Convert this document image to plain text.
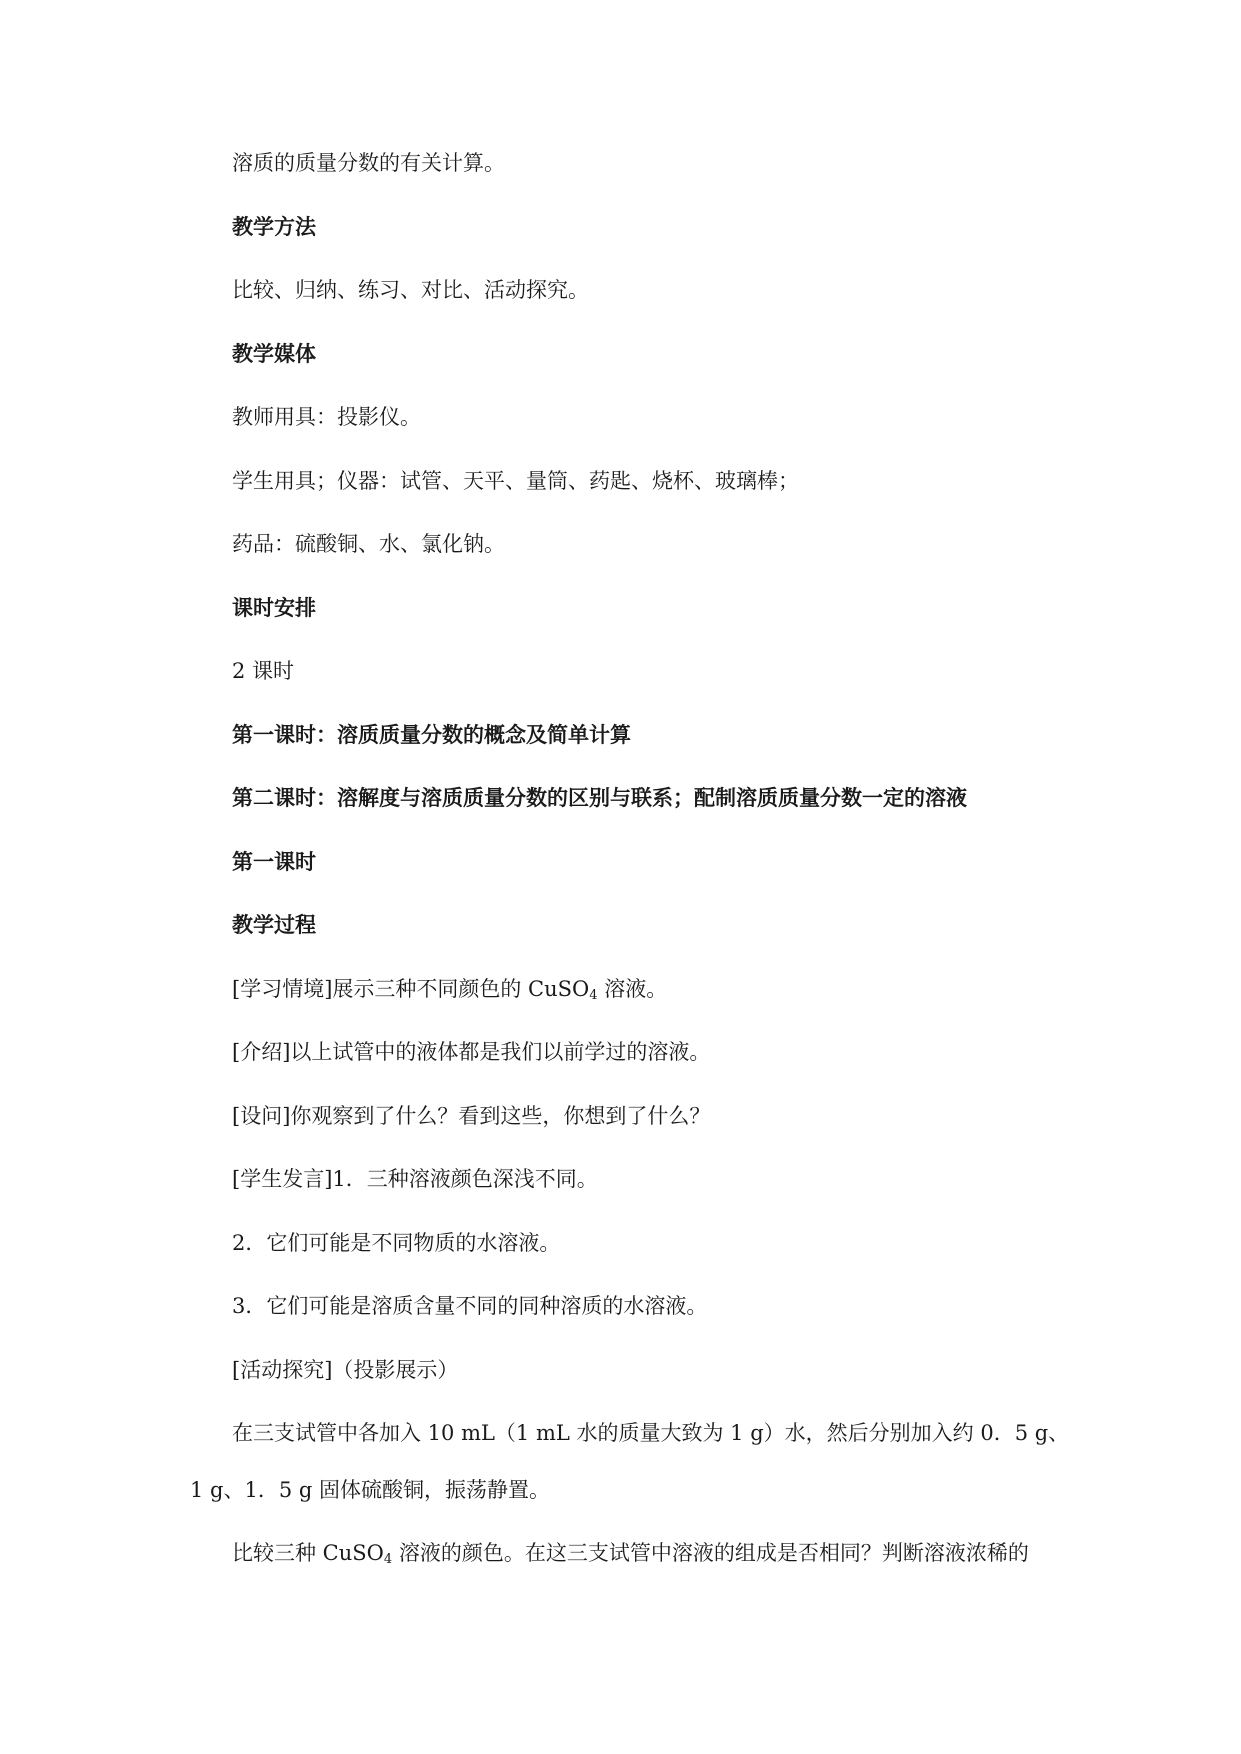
溶质的质量分数的有关计算。
教学方法
比较、归纳、练习、对比、活动探究。
教学媒体
教师用具：投影仪。
学生用具；仪器：试管、天平、量筒、药匙、烧杯、玻璃棒；
药品：硫酸铜、水、氯化钠。
课时安排
2 课时
第一课时：溶质质量分数的概念及简单计算
第二课时：溶解度与溶质质量分数的区别与联系；配制溶质质量分数一定的溶液
第一课时
教学过程
[学习情境]展示三种不同颜色的 CuSO$_4$ 溶液。
[介绍]以上试管中的液体都是我们以前学过的溶液。
[设问]你观察到了什么？看到这些，你想到了什么？
[学生发言]1．三种溶液颜色深浅不同。
2．它们可能是不同物质的水溶液。
3．它们可能是溶质含量不同的同种溶质的水溶液。
[活动探究]（投影展示）
在三支试管中各加入 10 mL（1 mL 水的质量大致为 1 g）水，然后分别加入约 0．5 g、
1 g、1．5 g 固体硫酸铜，振荡静置。
比较三种 CuSO$_4$ 溶液的颜色。在这三支试管中溶液的组成是否相同？判断溶液浓稀的
